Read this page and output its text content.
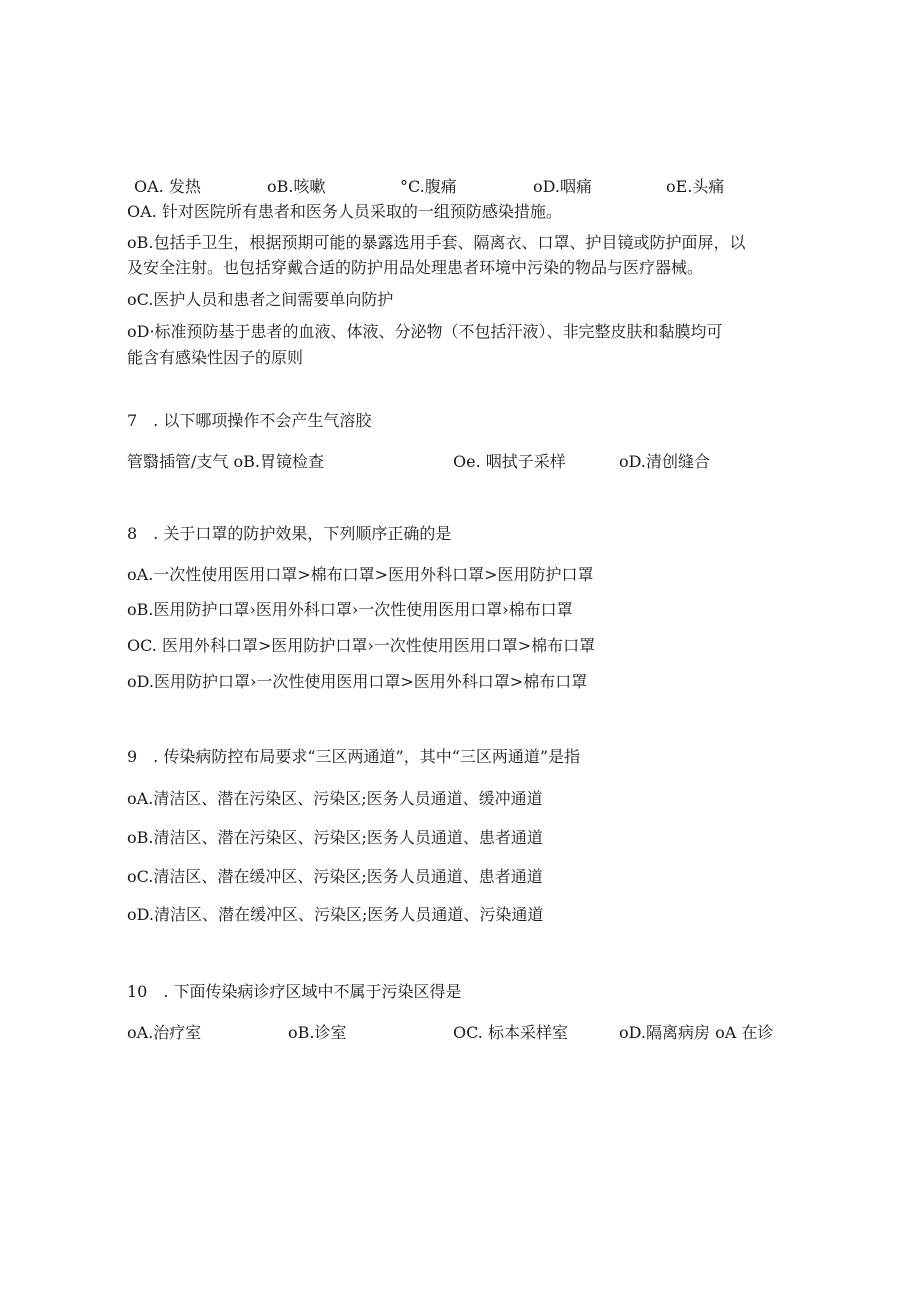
OA. 发热	oB.咳嗽	°C.腹痛	oD.咽痛	oE.头痛
OA. 针对医院所有患者和医务人员采取的一组预防感染措施。
oB.包括手卫生，根据预期可能的暴露选用手套、隔离衣、口罩、护目镜或防护面屏，以
及安全注射。也包括穿戴合适的防护用品处理患者环境中污染的物品与医疗器械。
oC.医护人员和患者之间需要单向防护
oD·标准预防基于患者的血液、体液、分泌物（不包括汗液）、非完整皮肤和黏膜均可
能含有感染性因子的原则
7　. 以下哪项操作不会产生气溶胶
管翳插管/支气 oB.胃镜检查	Oe. 咽拭子采样	oD.清创缝合
8　. 关于口罩的防护效果，下列顺序正确的是
oA.一次性使用医用口罩>棉布口罩>医用外科口罩>医用防护口罩
oB.医用防护口罩›医用外科口罩›一次性使用医用口罩›棉布口罩
OC. 医用外科口罩>医用防护口罩›一次性使用医用口罩>棉布口罩
oD.医用防护口罩›一次性使用医用口罩>医用外科口罩>棉布口罩
9　. 传染病防控布局要求“三区两通道”，其中“三区两通道”是指
oA.清洁区、潜在污染区、污染区;医务人员通道、缓冲通道
oB.清洁区、潜在污染区、污染区;医务人员通道、患者通道
oC.清洁区、潜在缓冲区、污染区;医务人员通道、患者通道
oD.清洁区、潜在缓冲区、污染区;医务人员通道、污染通道
10　. 下面传染病诊疗区域中不属于污染区得是
oA.治疗室	oB.诊室	OC. 标本采样室	oD.隔离病房 oA 在诊
